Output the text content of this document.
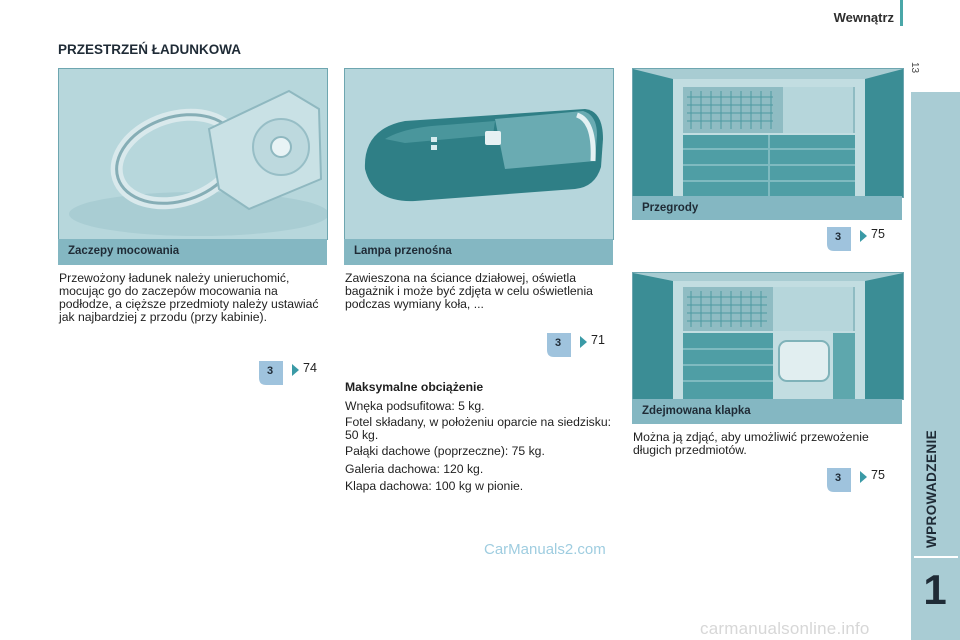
Wewnątrz
13
WPROWADZENIE
1
PRZESTRZEŃ ŁADUNKOWA
Zaczepy mocowania
Przewożony ładunek należy unieruchomić, mocując go do zaczepów mocowania na podłodze, a cięższe przedmioty należy ustawiać jak najbardziej z przodu (przy kabinie).
3	74
Lampa przenośna
Zawieszona na ściance działowej, oświetla bagażnik i może być zdjęta w celu oświetlenia podczas wymiany koła, ...
3	71
Maksymalne obciążenie
Wnęka podsufitowa: 5 kg.
Fotel składany, w położeniu oparcie na siedzisku: 50 kg.
Pałąki dachowe (poprzeczne): 75 kg.
Galeria dachowa: 120 kg.
Klapa dachowa: 100 kg w pionie.
Przegrody
3	75
Zdejmowana klapka
Można ją zdjąć, aby umożliwić przewożenie długich przedmiotów.
3	75
CarManuals2.com
carmanualsonline.info
